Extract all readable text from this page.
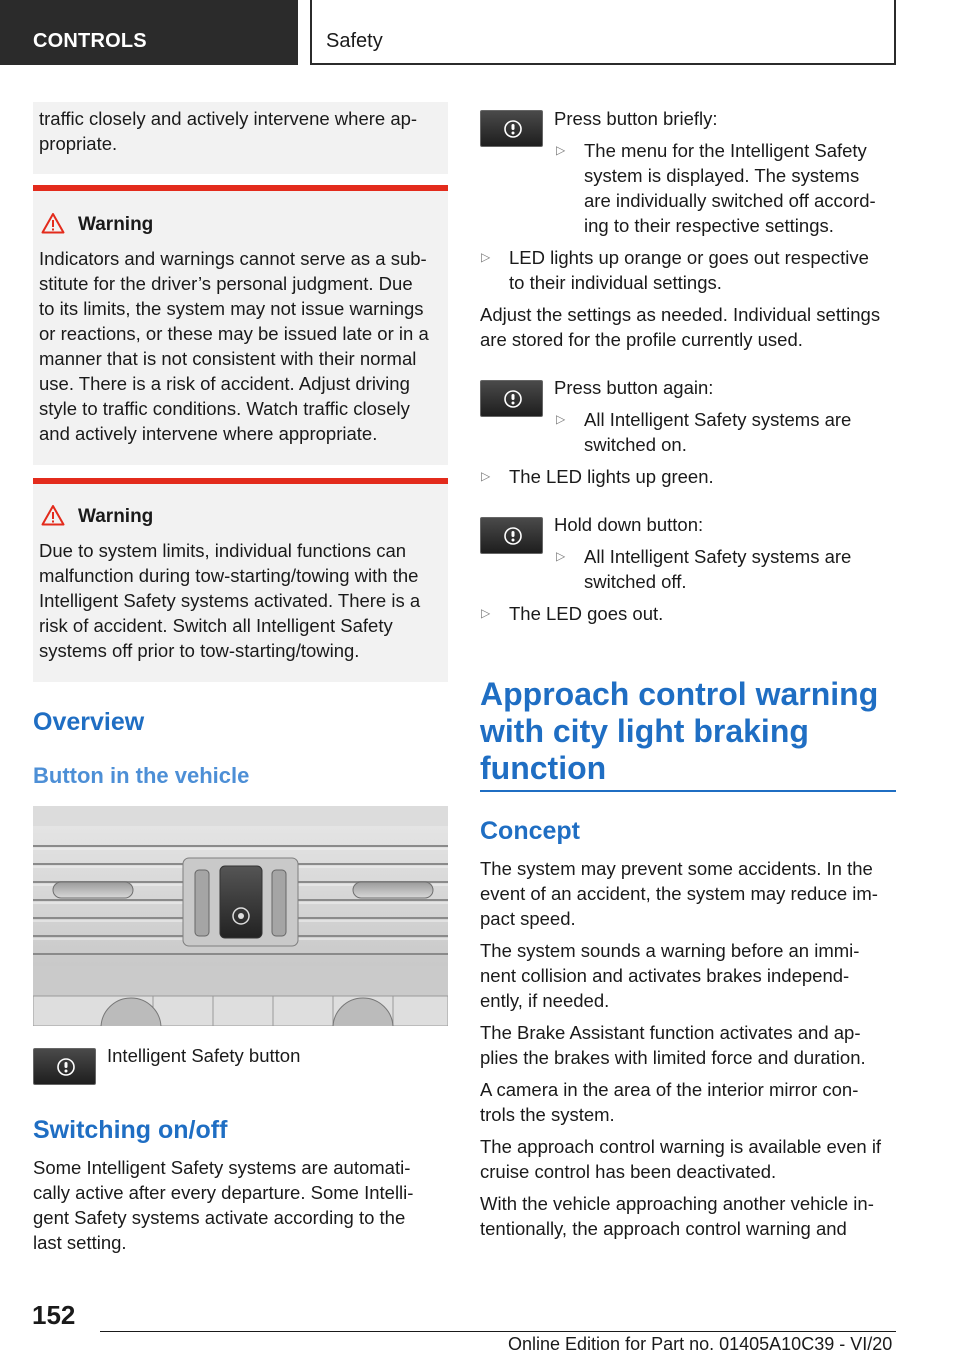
CONTROLS	Safety
traffic closely and actively intervene where ap-
propriate.
Warning
Indicators and warnings cannot serve as a sub-
stitute for the driver’s personal judgment. Due
to its limits, the system may not issue warnings
or reactions, or these may be issued late or in a
manner that is not consistent with their normal
use. There is a risk of accident. Adjust driving
style to traffic conditions. Watch traffic closely
and actively intervene where appropriate.
Warning
Due to system limits, individual functions can
malfunction during tow-starting/towing with the
Intelligent Safety systems activated. There is a
risk of accident. Switch all Intelligent Safety
systems off prior to tow-starting/towing.
Overview
Button in the vehicle
Intelligent Safety button
Switching on/off
Some Intelligent Safety systems are automati-
cally active after every departure. Some Intelli-
gent Safety systems activate according to the
last setting.
Press button briefly:
▷ The menu for the Intelligent Safety
system is displayed. The systems
are individually switched off accord-
ing to their respective settings.
▷ LED lights up orange or goes out respective
to their individual settings.
Adjust the settings as needed. Individual settings
are stored for the profile currently used.
Press button again:
▷ All Intelligent Safety systems are
switched on.
▷ The LED lights up green.
Hold down button:
▷ All Intelligent Safety systems are
switched off.
▷ The LED goes out.
Approach control warning
with city light braking
function
Concept
The system may prevent some accidents. In the
event of an accident, the system may reduce im-
pact speed.
The system sounds a warning before an immi-
nent collision and activates brakes independ-
ently, if needed.
The Brake Assistant function activates and ap-
plies the brakes with limited force and duration.
A camera in the area of the interior mirror con-
trols the system.
The approach control warning is available even if
cruise control has been deactivated.
With the vehicle approaching another vehicle in-
tentionally, the approach control warning and
152
Online Edition for Part no. 01405A10C39 - VI/20
